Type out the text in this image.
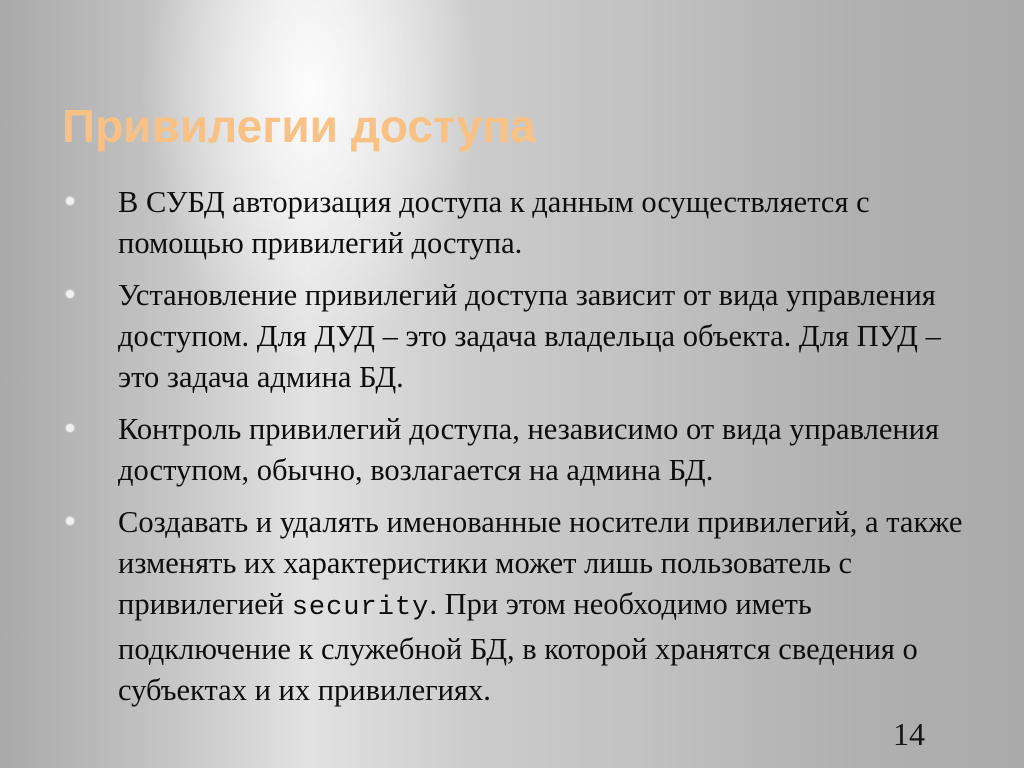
Привилегии доступа
В СУБД авторизация доступа к данным осуществляется с помощью привилегий доступа.
Установление привилегий доступа зависит от вида управления доступом. Для ДУД – это задача владельца объекта. Для ПУД – это задача админа БД.
Контроль привилегий доступа, независимо от вида управления доступом, обычно, возлагается на админа БД.
Создавать и удалять именованные носители привилегий, а также изменять их характеристики может лишь пользователь с привилегией security. При этом необходимо иметь подключение к служебной БД, в которой хранятся сведения о субъектах и их привилегиях.
14
